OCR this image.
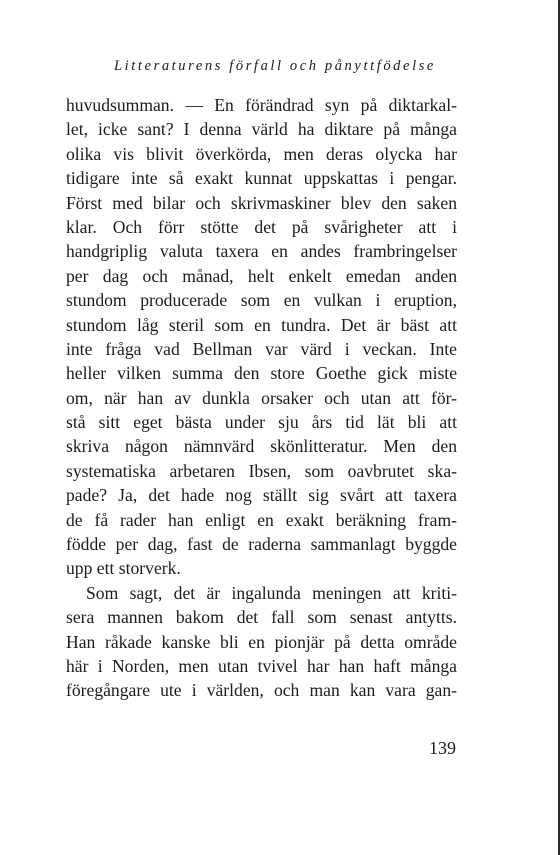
Litteraturens förfall och pånyttfödelse
huvudsumman. — En förändrad syn på diktarkal-
let, icke sant? I denna värld ha diktare på många
olika vis blivit överkörda, men deras olycka har
tidigare inte så exakt kunnat uppskattas i pengar.
Först med bilar och skrivmaskiner blev den saken
klar. Och förr stötte det på svårigheter att i
handgriplig valuta taxera en andes frambringelser
per dag och månad, helt enkelt emedan anden
stundom producerade som en vulkan i eruption,
stundom låg steril som en tundra. Det är bäst att
inte fråga vad Bellman var värd i veckan. Inte
heller vilken summa den store Goethe gick miste
om, när han av dunkla orsaker och utan att för-
stå sitt eget bästa under sju års tid lät bli att
skriva någon nämnvärd skönlitteratur. Men den
systematiska arbetaren Ibsen, som oavbrutet ska-
pade? Ja, det hade nog ställt sig svårt att taxera
de få rader han enligt en exakt beräkning fram-
födde per dag, fast de raderna sammanlagt byggde
upp ett storverk.
Som sagt, det är ingalunda meningen att kriti-
sera mannen bakom det fall som senast antytts.
Han råkade kanske bli en pionjär på detta område
här i Norden, men utan tvivel har han haft många
föregångare ute i världen, och man kan vara gan-
139
